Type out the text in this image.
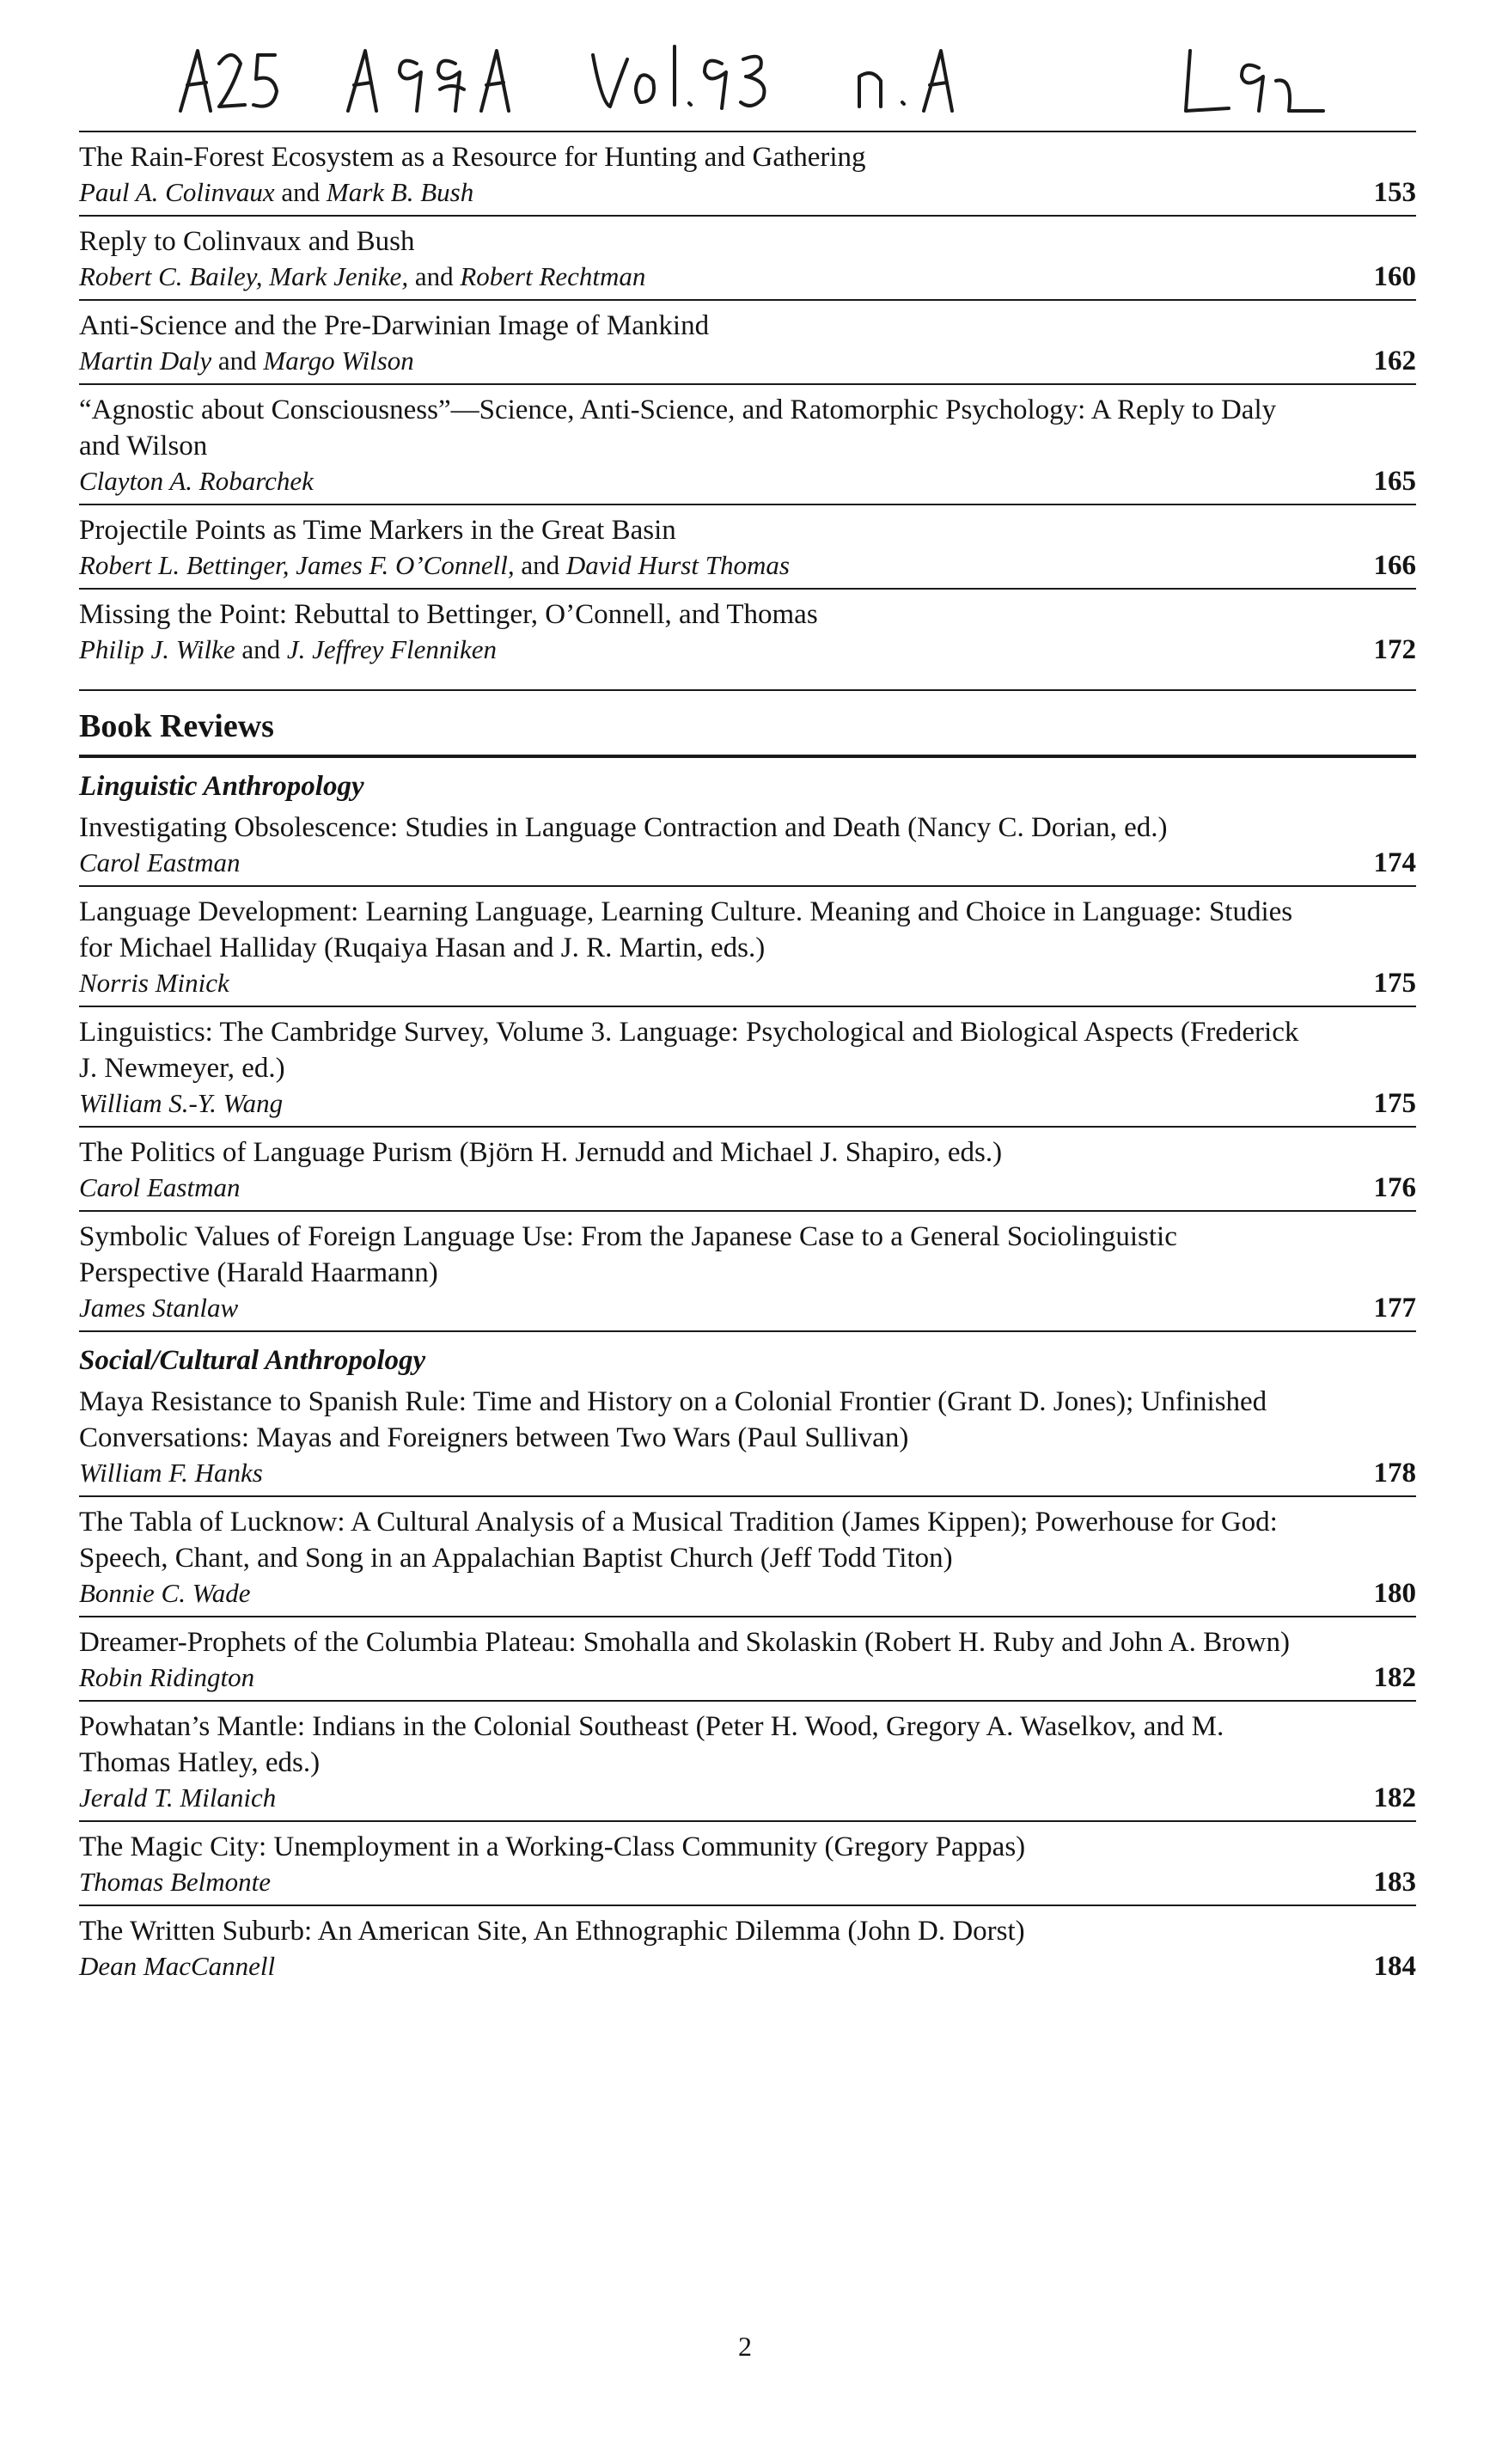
The Rain-Forest Ecosystem as a Resource for Hunting and Gathering
Paul A. Colinvaux and Mark B. Bush	153
Reply to Colinvaux and Bush
Robert C. Bailey, Mark Jenike, and Robert Rechtman	160
Anti-Science and the Pre-Darwinian Image of Mankind
Martin Daly and Margo Wilson	162
“Agnostic about Consciousness”—Science, Anti-Science, and Ratomorphic Psychology: A Reply to Daly and Wilson
Clayton A. Robarchek	165
Projectile Points as Time Markers in the Great Basin
Robert L. Bettinger, James F. O’Connell, and David Hurst Thomas	166
Missing the Point: Rebuttal to Bettinger, O’Connell, and Thomas
Philip J. Wilke and J. Jeffrey Flenniken	172
Book Reviews
Linguistic Anthropology
Investigating Obsolescence: Studies in Language Contraction and Death (Nancy C. Dorian, ed.)
Carol Eastman	174
Language Development: Learning Language, Learning Culture. Meaning and Choice in Language: Studies for Michael Halliday (Ruqaiya Hasan and J. R. Martin, eds.)
Norris Minick	175
Linguistics: The Cambridge Survey, Volume 3. Language: Psychological and Biological Aspects (Frederick J. Newmeyer, ed.)
William S.-Y. Wang	175
The Politics of Language Purism (Björn H. Jernudd and Michael J. Shapiro, eds.)
Carol Eastman	176
Symbolic Values of Foreign Language Use: From the Japanese Case to a General Sociolinguistic Perspective (Harald Haarmann)
James Stanlaw	177
Social/Cultural Anthropology
Maya Resistance to Spanish Rule: Time and History on a Colonial Frontier (Grant D. Jones); Unfinished Conversations: Mayas and Foreigners between Two Wars (Paul Sullivan)
William F. Hanks	178
The Tabla of Lucknow: A Cultural Analysis of a Musical Tradition (James Kippen); Powerhouse for God: Speech, Chant, and Song in an Appalachian Baptist Church (Jeff Todd Titon)
Bonnie C. Wade	180
Dreamer-Prophets of the Columbia Plateau: Smohalla and Skolaskin (Robert H. Ruby and John A. Brown)
Robin Ridington	182
Powhatan’s Mantle: Indians in the Colonial Southeast (Peter H. Wood, Gregory A. Waselkov, and M. Thomas Hatley, eds.)
Jerald T. Milanich	182
The Magic City: Unemployment in a Working-Class Community (Gregory Pappas)
Thomas Belmonte	183
The Written Suburb: An American Site, An Ethnographic Dilemma (John D. Dorst)
Dean MacCannell	184
2
